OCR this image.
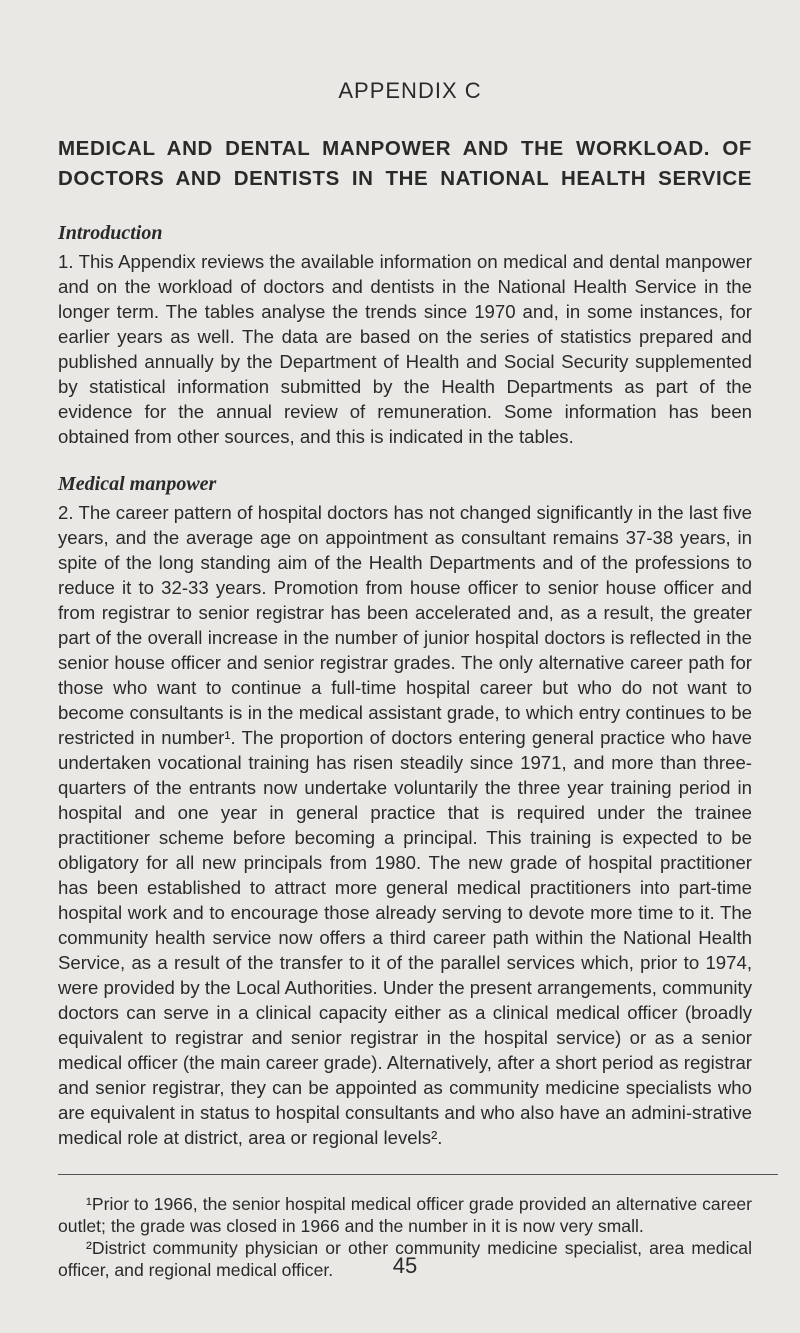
APPENDIX C
MEDICAL AND DENTAL MANPOWER AND THE WORKLOAD. OF
DOCTORS AND DENTISTS IN THE NATIONAL HEALTH SERVICE
Introduction

1. This Appendix reviews the available information on medical and dental manpower and on the workload of doctors and dentists in the National Health Service in the longer term. The tables analyse the trends since 1970 and, in some instances, for earlier years as well. The data are based on the series of statistics prepared and published annually by the Department of Health and Social Security supplemented by statistical information submitted by the Health Departments as part of the evidence for the annual review of remuneration. Some information has been obtained from other sources, and this is indicated in the tables.

Medical manpower

2. The career pattern of hospital doctors has not changed significantly in the last five years, and the average age on appointment as consultant remains 37-38 years, in spite of the long standing aim of the Health Departments and of the professions to reduce it to 32-33 years. Promotion from house officer to senior house officer and from registrar to senior registrar has been accelerated and, as a result, the greater part of the overall increase in the number of junior hospital doctors is reflected in the senior house officer and senior registrar grades. The only alternative career path for those who want to continue a full-time hospital career but who do not want to become consultants is in the medical assistant grade, to which entry continues to be restricted in number¹. The proportion of doctors entering general practice who have undertaken vocational training has risen steadily since 1971, and more than three-quarters of the entrants now undertake voluntarily the three year training period in hospital and one year in general practice that is required under the trainee practitioner scheme before becoming a principal. This training is expected to be obligatory for all new principals from 1980. The new grade of hospital practitioner has been established to attract more general medical practitioners into part-time hospital work and to encourage those already serving to devote more time to it. The community health service now offers a third career path within the National Health Service, as a result of the transfer to it of the parallel services which, prior to 1974, were provided by the Local Authorities. Under the present arrangements, community doctors can serve in a clinical capacity either as a clinical medical officer (broadly equivalent to registrar and senior registrar in the hospital service) or as a senior medical officer (the main career grade). Alternatively, after a short period as registrar and senior registrar, they can be appointed as community medicine specialists who are equivalent in status to hospital consultants and who also have an admini-strative medical role at district, area or regional levels².

¹Prior to 1966, the senior hospital medical officer grade provided an alternative career outlet; the grade was closed in 1966 and the number in it is now very small.

²District community physician or other community medicine specialist, area medical officer, and regional medical officer.	45
